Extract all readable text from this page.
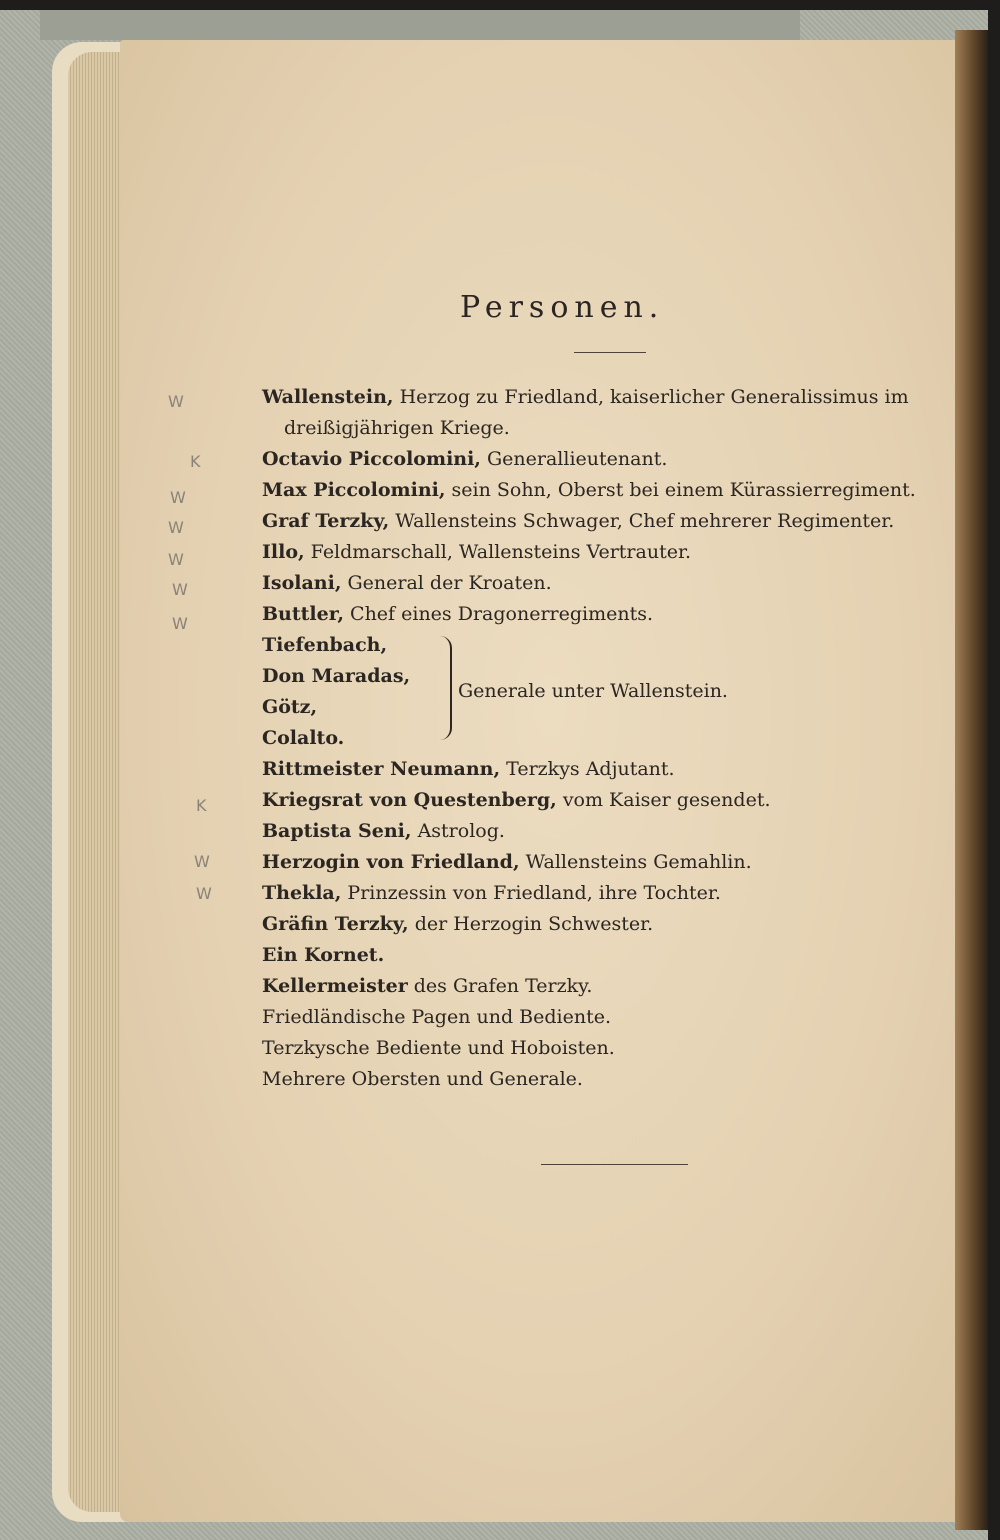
Personen.
Wallenstein, Herzog zu Friedland, kaiserlicher Generalissimus im
dreißigjährigen Kriege.
Octavio Piccolomini, Generallieutenant.
Max Piccolomini, sein Sohn, Oberst bei einem Kürassierregiment.
Graf Terzky, Wallensteins Schwager, Chef mehrerer Regimenter.
Illo, Feldmarschall, Wallensteins Vertrauter.
Isolani, General der Kroaten.
Buttler, Chef eines Dragonerregiments.
Tiefenbach,
Don Maradas,
Götz,
Colalto.
Generale unter Wallenstein.
Rittmeister Neumann, Terzkys Adjutant.
Kriegsrat von Questenberg, vom Kaiser gesendet.
Baptista Seni, Astrolog.
Herzogin von Friedland, Wallensteins Gemahlin.
Thekla, Prinzessin von Friedland, ihre Tochter.
Gräfin Terzky, der Herzogin Schwester.
Ein Kornet.
Kellermeister des Grafen Terzky.
Friedländische Pagen und Bediente.
Terzkysche Bediente und Hoboisten.
Mehrere Obersten und Generale.
W
K
W
W
W
W
W
K
W
W
